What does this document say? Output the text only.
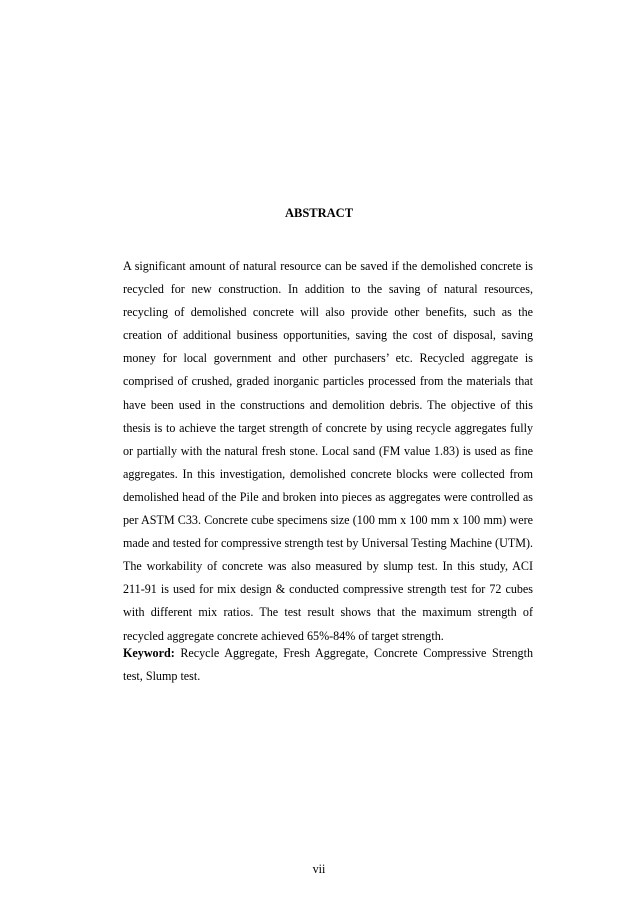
ABSTRACT

A significant amount of natural resource can be saved if the demolished concrete is recycled for new construction. In addition to the saving of natural resources, recycling of demolished concrete will also provide other benefits, such as the creation of additional business opportunities, saving the cost of disposal, saving money for local government and other purchasers’ etc. Recycled aggregate is comprised of crushed, graded inorganic particles processed from the materials that have been used in the constructions and demolition debris. The objective of this thesis is to achieve the target strength of concrete by using recycle aggregates fully or partially with the natural fresh stone. Local sand (FM value 1.83) is used as fine aggregates. In this investigation, demolished concrete blocks were collected from demolished head of the Pile and broken into pieces as aggregates were controlled as per ASTM C33. Concrete cube specimens size (100 mm x 100 mm x 100 mm) were made and tested for compressive strength test by Universal Testing Machine (UTM). The workability of concrete was also measured by slump test. In this study, ACI 211-91 is used for mix design & conducted compressive strength test for 72 cubes with different mix ratios. The test result shows that the maximum strength of recycled aggregate concrete achieved 65%-84% of target strength.

Keyword: Recycle Aggregate, Fresh Aggregate, Concrete Compressive Strength test, Slump test.

vii
